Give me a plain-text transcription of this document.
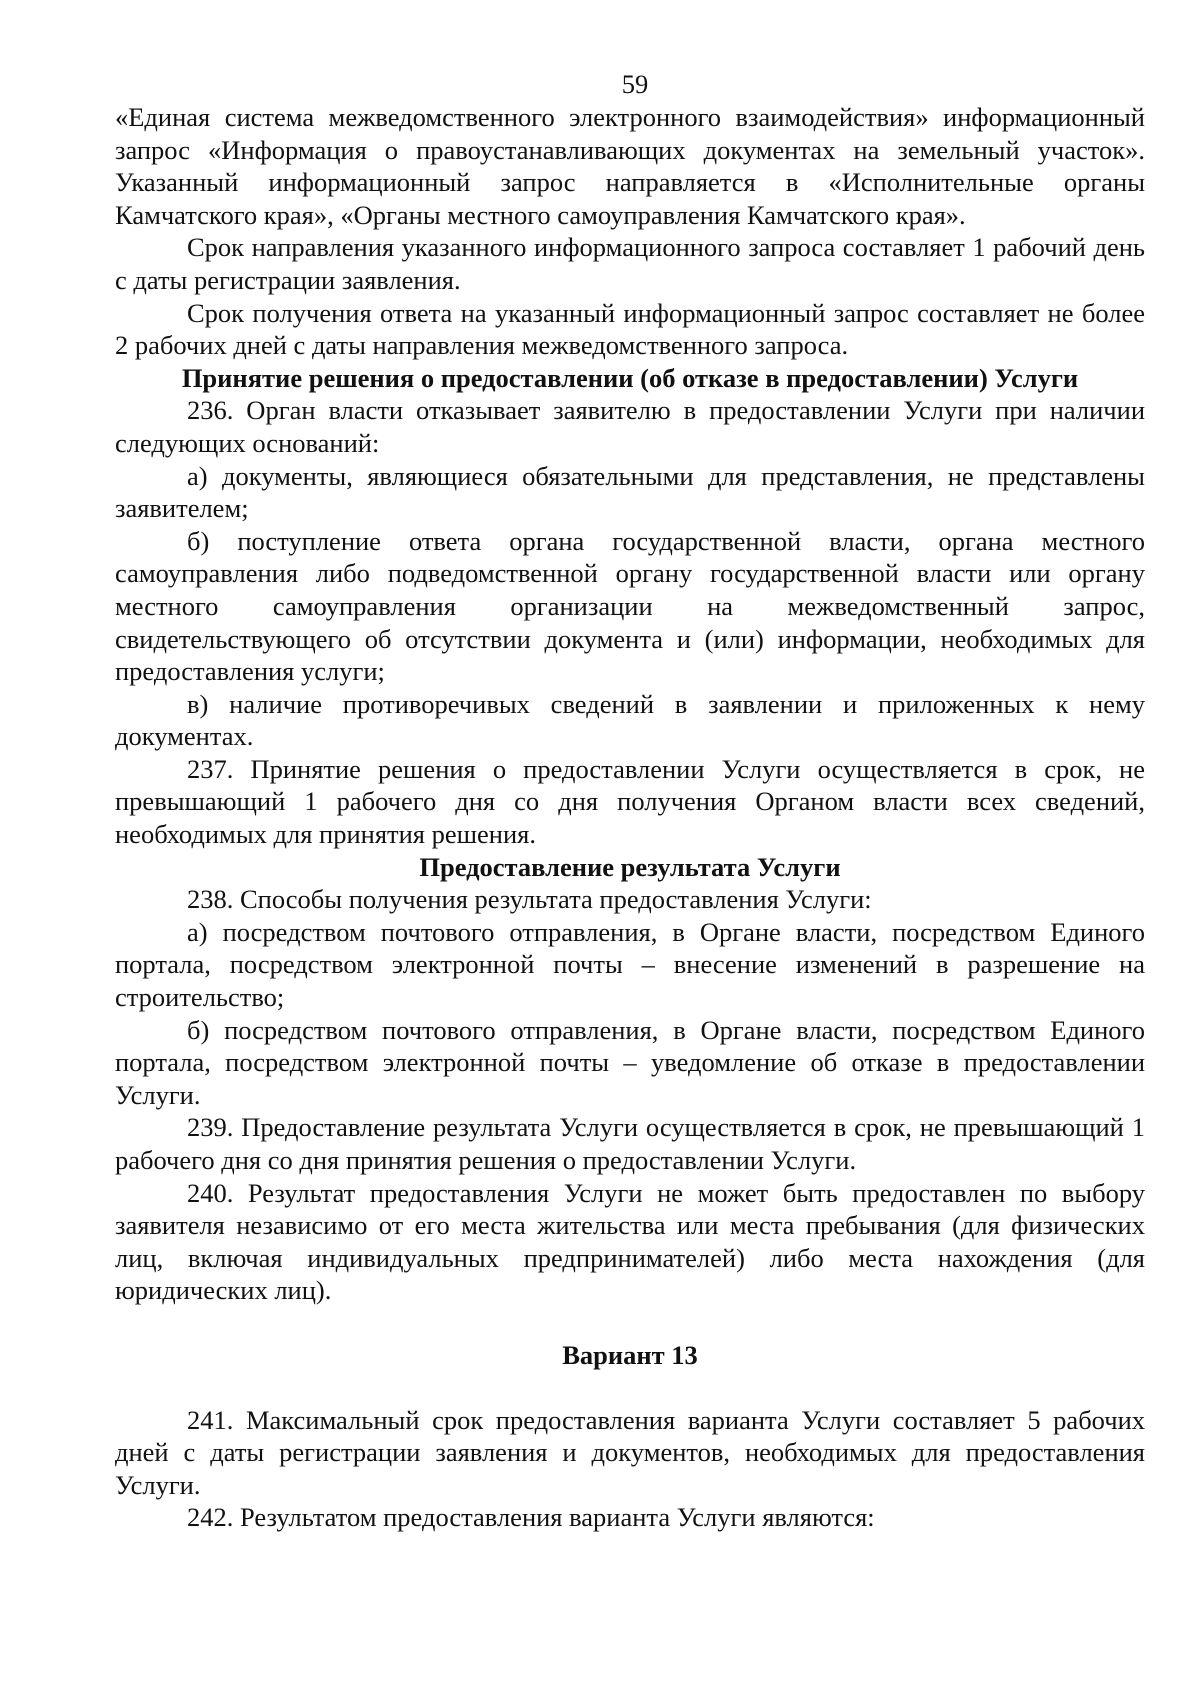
59

«Единая система межведомственного электронного взаимодействия» информационный запрос «Информация о правоустанавливающих документах на земельный участок». Указанный информационный запрос направляется в «Исполнительные органы Камчатского края», «Органы местного самоуправления Камчатского края».

Срок направления указанного информационного запроса составляет 1 рабочий день с даты регистрации заявления.

Срок получения ответа на указанный информационный запрос составляет не более 2 рабочих дней с даты направления межведомственного запроса.

Принятие решения о предоставлении (об отказе в предоставлении) Услуги

236. Орган власти отказывает заявителю в предоставлении Услуги при наличии следующих оснований:

а) документы, являющиеся обязательными для представления, не представлены заявителем;

б) поступление ответа органа государственной власти, органа местного самоуправления либо подведомственной органу государственной власти или органу местного самоуправления организации на межведомственный запрос, свидетельствующего об отсутствии документа и (или) информации, необходимых для предоставления услуги;

в) наличие противоречивых сведений в заявлении и приложенных к нему документах.

237. Принятие решения о предоставлении Услуги осуществляется в срок, не превышающий 1 рабочего дня со дня получения Органом власти всех сведений, необходимых для принятия решения.

Предоставление результата Услуги

238. Способы получения результата предоставления Услуги:

а) посредством почтового отправления, в Органе власти, посредством Единого портала, посредством электронной почты – внесение изменений в разрешение на строительство;

б) посредством почтового отправления, в Органе власти, посредством Единого портала, посредством электронной почты – уведомление об отказе в предоставлении Услуги.

239. Предоставление результата Услуги осуществляется в срок, не превышающий 1 рабочего дня со дня принятия решения о предоставлении Услуги.

240. Результат предоставления Услуги не может быть предоставлен по выбору заявителя независимо от его места жительства или места пребывания (для физических лиц, включая индивидуальных предпринимателей) либо места нахождения (для юридических лиц).

Вариант 13

241. Максимальный срок предоставления варианта Услуги составляет 5 рабочих дней с даты регистрации заявления и документов, необходимых для предоставления Услуги.

242. Результатом предоставления варианта Услуги являются:
